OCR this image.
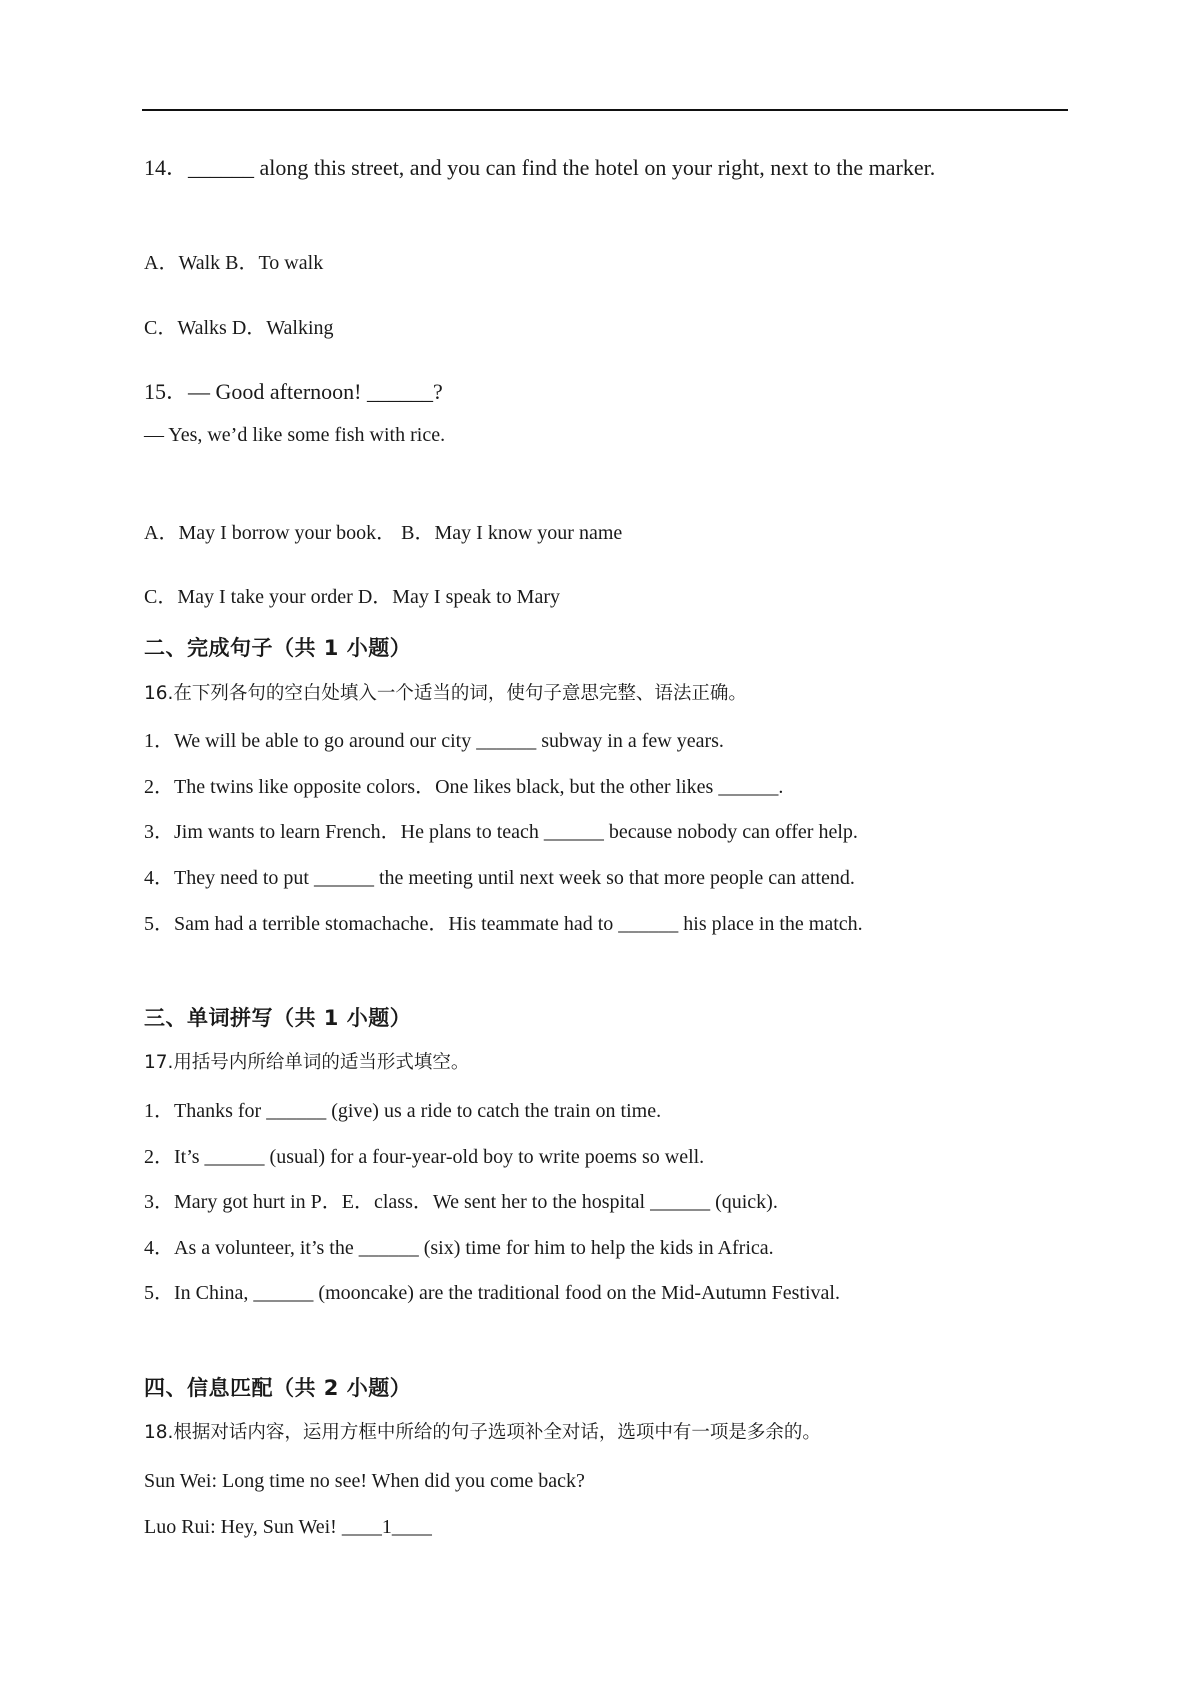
14．______ along this street, and you can find the hotel on your right, next to the marker.
A．Walk B．To walk
C．Walks D．Walking
15．— Good afternoon! ______?
— Yes, we’d like some fish with rice.
A．May I borrow your book． B．May I know your name
C．May I take your order D．May I speak to Mary
二、完成句子（共 1 小题）
16.在下列各句的空白处填入一个适当的词，使句子意思完整、语法正确。
1．We will be able to go around our city ______ subway in a few years.
2．The twins like opposite colors．One likes black, but the other likes ______.
3．Jim wants to learn French．He plans to teach ______ because nobody can offer help.
4．They need to put ______ the meeting until next week so that more people can attend.
5．Sam had a terrible stomachache．His teammate had to ______ his place in the match.
三、单词拼写（共 1 小题）
17.用括号内所给单词的适当形式填空。
1．Thanks for ______ (give) us a ride to catch the train on time.
2．It’s ______ (usual) for a four-year-old boy to write poems so well.
3．Mary got hurt in P．E．class．We sent her to the hospital ______ (quick).
4．As a volunteer, it’s the ______ (six) time for him to help the kids in Africa.
5．In China, ______ (mooncake) are the traditional food on the Mid-Autumn Festival.
四、信息匹配（共 2 小题）
18.根据对话内容，运用方框中所给的句子选项补全对话，选项中有一项是多余的。
Sun Wei: Long time no see! When did you come back?
Luo Rui: Hey, Sun Wei! ____1____
